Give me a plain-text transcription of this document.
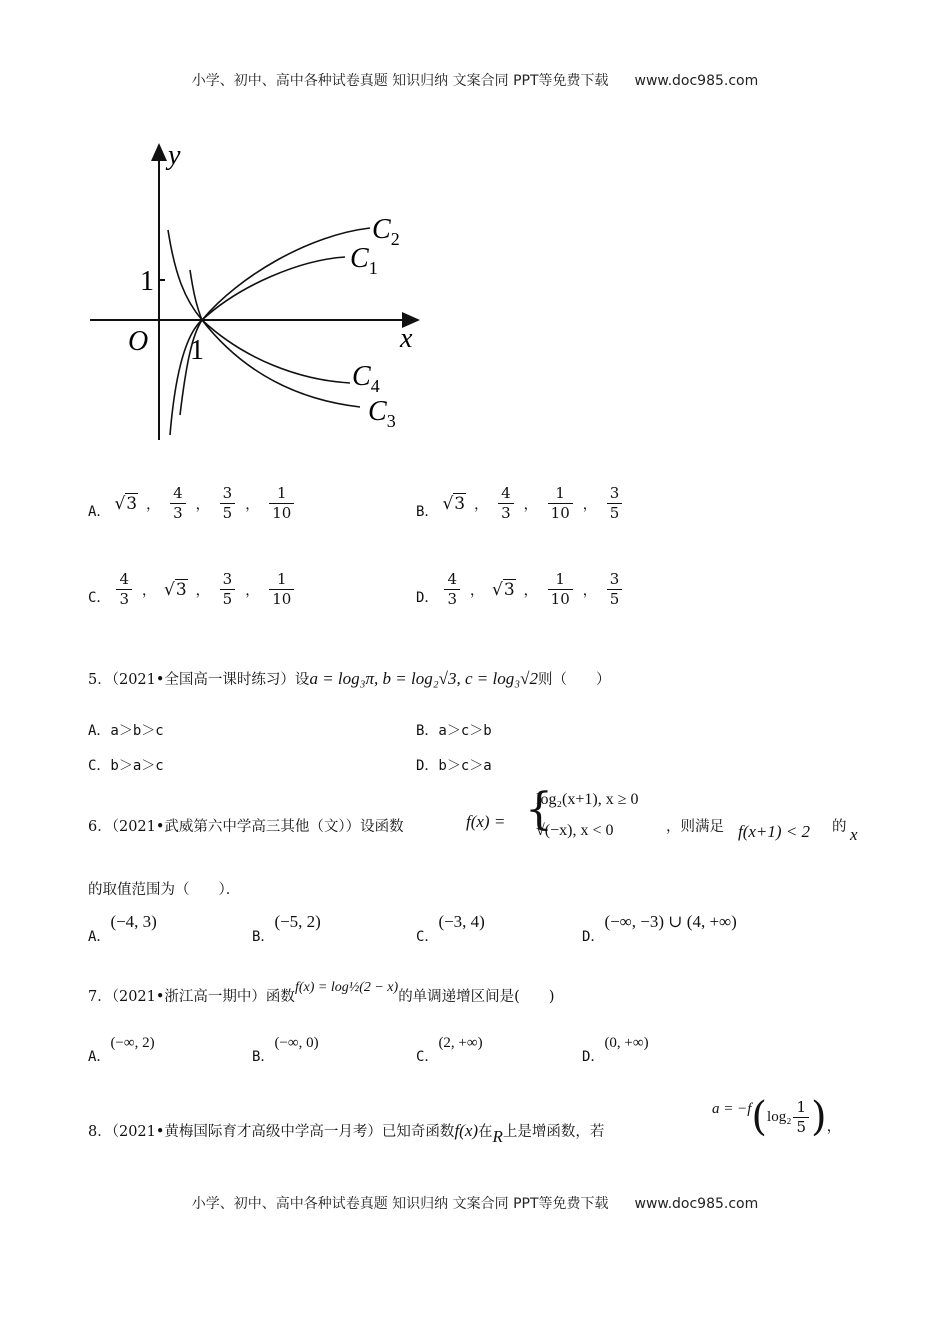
小学、初中、高中各种试卷真题 知识归纳 文案合同 PPT等免费下载 www.doc985.com
y
x
O
1
1
$C_2$
$C_1$
$C_4$
$C_3$
A． √3 ， $\frac{4}{3}$ ， $\frac{3}{5}$ ， $\frac{1}{10}$	B． √3 ， $\frac{4}{3}$ ， $\frac{1}{10}$ ， $\frac{3}{5}$
C． $\frac{4}{3}$ ， √3 ， $\frac{3}{5}$ ， $\frac{1}{10}$	D． $\frac{4}{3}$ ， √3 ， $\frac{1}{10}$ ， $\frac{3}{5}$
5．（2021•全国高一课时练习）设a = log₃π, b = log₂√3, c = log₃√2则（　　）
A．a＞b＞c	B．a＞c＞b
C．b＞a＞c	D．b＞c＞a
6．（2021•武威第六中学高三其他（文））设函数	f(x) = {
log₂(x+1), x ≥ 0
√(−x), x < 0	，则满足 f(x+1) < 2 的 x
的取值范围为（　　）．
A．(−4, 3)
B．(−5, 2)
C．(−3, 4)
D．(−∞, −3) ∪ (4, +∞)
7．（2021•浙江高一期中）函数f(x) = log½(2 − x)的单调递增区间是(　　)
A．(−∞, 2)
B．(−∞, 0)
C．(2, +∞)
D．(0, +∞)
8．（2021•黄梅国际育才高级中学高一月考）已知奇函数f(x)在R上是增函数，若
a = −f ( $\log_2 \frac{1}{5}$ ) ，
小学、初中、高中各种试卷真题 知识归纳 文案合同 PPT等免费下载 www.doc985.com
